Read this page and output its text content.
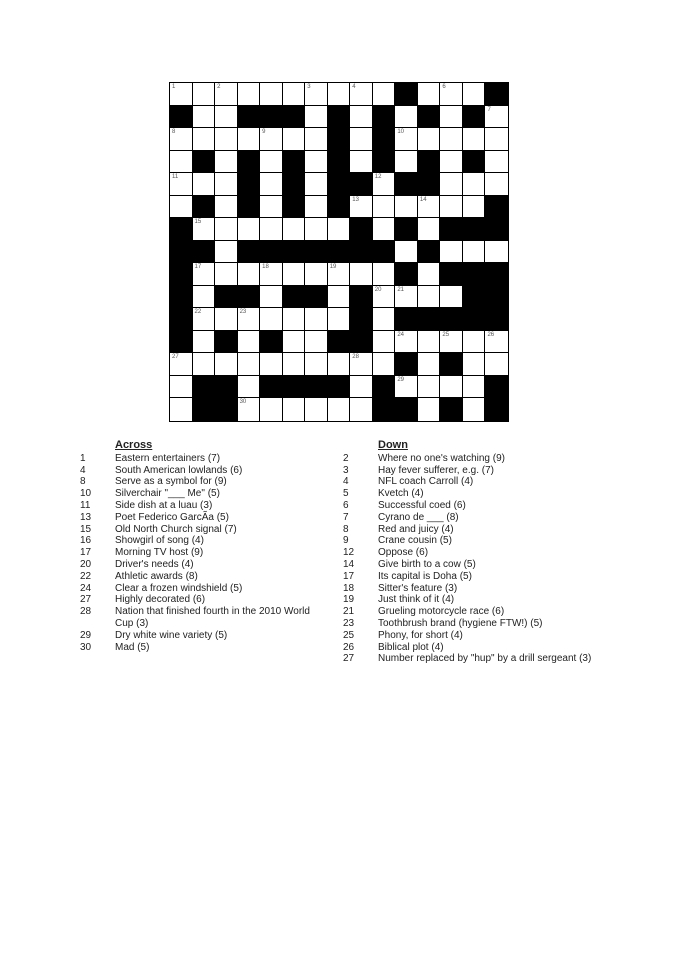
1	2	3	4	6
7
8	9	10
11	12
13	14
15
17	18	19
20	21
22	23
24	25	26
27	28
29
30
Across
1	Eastern entertainers (7)
4	South American lowlands (6)
8	Serve as a symbol for (9)
10	Silverchair "___ Me" (5)
11	Side dish at a luau (3)
13	Poet Federico GarcÃa (5)
15	Old North Church signal (7)
16	Showgirl of song (4)
17	Morning TV host (9)
20	Driver's needs (4)
22	Athletic awards (8)
24	Clear a frozen windshield (5)
27	Highly decorated (6)
28	Nation that finished fourth in the 2010 World Cup (3)
29	Dry white wine variety (5)
30	Mad (5)
Down
2	Where no one's watching (9)
3	Hay fever sufferer, e.g. (7)
4	NFL coach Carroll (4)
5	Kvetch (4)
6	Successful coed (6)
7	Cyrano de ___ (8)
8	Red and juicy (4)
9	Crane cousin (5)
12	Oppose (6)
14	Give birth to a cow (5)
17	Its capital is Doha (5)
18	Sitter's feature (3)
19	Just think of it (4)
21	Grueling motorcycle race (6)
23	Toothbrush brand (hygiene FTW!) (5)
25	Phony, for short (4)
26	Biblical plot (4)
27	Number replaced by "hup" by a drill sergeant (3)
